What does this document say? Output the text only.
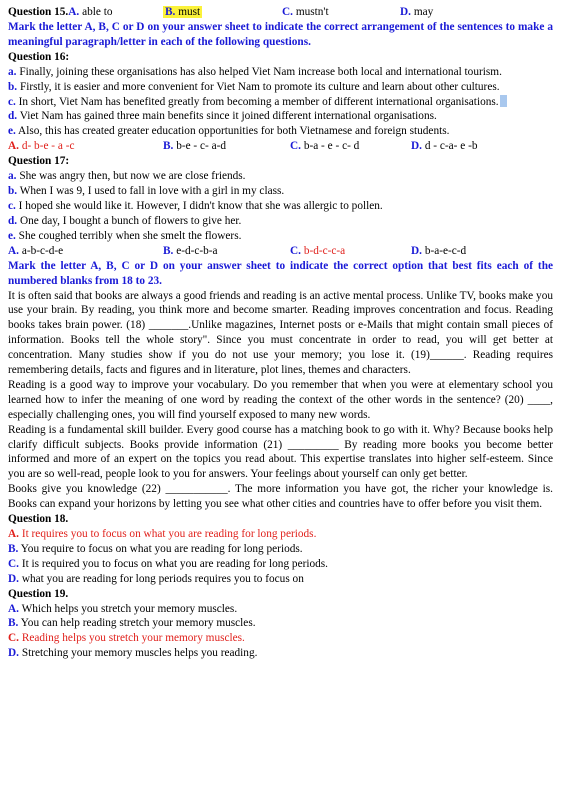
Question 15.A. able to	B. must	C. mustn't	D. may

Mark the letter A, B, C or D on your answer sheet to indicate the correct arrangement of the sentences to make a meaningful paragraph/letter in each of the following questions.

Question 16:

a. Finally, joining these organisations has also helped Viet Nam increase both local and international tourism.

b. Firstly, it is easier and more convenient for Viet Nam to promote its culture and learn about other cultures.

c. In short, Viet Nam has benefited greatly from becoming a member of different international organisations.

d. Viet Nam has gained three main benefits since it joined different international organisations.

e. Also, this has created greater education opportunities for both Vietnamese and foreign students.

A. d- b-e - a -c	B. b-e - c- a-d	C. b-a - e - c- d	D. d - c-a- e -b
Question 17:

a. She was angry then, but now we are close friends.

b. When I was 9, I used to fall in love with a girl in my class.

c. I hoped she would like it. However, I didn't know that she was allergic to pollen.

d. One day, I bought a bunch of flowers to give her.

e. She coughed terribly when she smelt the flowers.

A. a-b-c-d-e	B. e-d-c-b-a	C. b-d-c-c-a	D. b-a-e-c-d

Mark the letter A, B, C or D on your answer sheet to indicate the correct option that best fits each of the numbered blanks from 18 to 23.

It is often said that books are always a good friends and reading is an active mental process. Unlike TV, books make you use your brain. By reading, you think more and become smarter. Reading improves concentration and focus. Reading books takes brain power. (18) _______.Unlike magazines, Internet posts or e-Mails that might contain small pieces of information. Books tell the whole story". Since you must concentrate in order to read, you will get better at concentration. Many studies show if you do not use your memory; you lose it. (19)______. Reading requires remembering details, facts and figures and in literature, plot lines, themes and characters.

Reading is a good way to improve your vocabulary. Do you remember that when you were at elementary school you learned how to infer the meaning of one word by reading the context of the other words in the sentence? (20) ____, especially challenging ones, you will find yourself exposed to many new words.

Reading is a fundamental skill builder. Every good course has a matching book to go with it. Why? Because books help clarify difficult subjects. Books provide information (21) _________ By reading more books you become better informed and more of an expert on the topics you read about. This expertise translates into higher self-esteem. Since you are so well-read, people look to you for answers. Your feelings about yourself can only get better.

Books give you knowledge (22) ___________. The more information you have got, the richer your knowledge is. Books can expand your horizons by letting you see what other cities and countries have to offer before you visit them.

Question 18.

A. It requires you to focus on what you are reading for long periods.

B. You require to focus on what you are reading for long periods.

C. It is required you to focus on what you are reading for long periods.

D. what you are reading for long periods requires you to focus on

Question 19.

A. Which helps you stretch your memory muscles.

B. You can help reading stretch your memory muscles.

C. Reading helps you stretch your memory muscles.

D. Stretching your memory muscles helps you reading.
